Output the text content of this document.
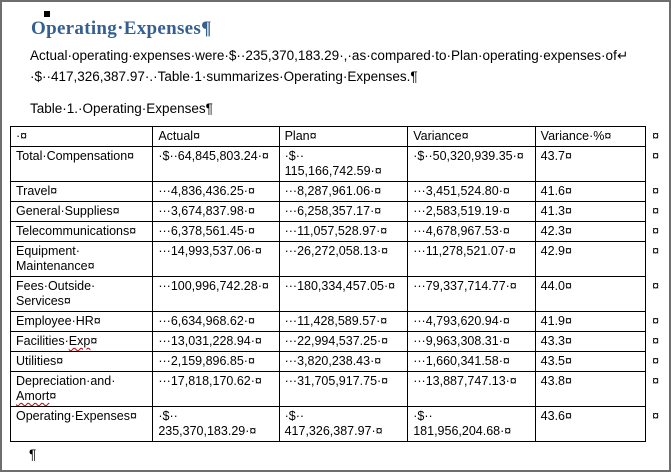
Operating·Expenses¶

Actual·operating·expenses·were·$··235,370,183.29·,·as·compared·to·Plan·operating·expenses·of↵
·$··417,326,387.97·.·Table·1·summarizes·Operating·Expenses.¶

Table·1.·Operating·Expenses¶

·¤	Actual¤	Plan¤	Variance¤	Variance·%¤	¤
Total·Compensation¤	·$··64,845,803.24·¤	·$··
115,166,742.59·¤	·$··50,320,939.35·¤	43.7¤	¤
Travel¤	···4,836,436.25·¤	···8,287,961.06·¤	···3,451,524.80·¤	41.6¤	¤
General·Supplies¤	···3,674,837.98·¤	···6,258,357.17·¤	···2,583,519.19·¤	41.3¤	¤
Telecommunications¤	···6,378,561.45·¤	···11,057,528.97·¤	···4,678,967.53·¤	42.3¤	¤
Equipment·
Maintenance¤	···14,993,537.06·¤	···26,272,058.13·¤	···11,278,521.07·¤	42.9¤	¤
Fees·Outside·
Services¤	···100,996,742.28·¤	···180,334,457.05·¤	···79,337,714.77·¤	44.0¤	¤
Employee·HR¤	···6,634,968.62·¤	···11,428,589.57·¤	···4,793,620.94·¤	41.9¤	¤
Facilities·Exp¤	···13,031,228.94·¤	···22,994,537.25·¤	···9,963,308.31·¤	43.3¤	¤
Utilities¤	···2,159,896.85·¤	···3,820,238.43·¤	···1,660,341.58·¤	43.5¤	¤
Depreciation·and·
Amort¤	···17,818,170.62·¤	···31,705,917.75·¤	···13,887,747.13·¤	43.8¤	¤
Operating·Expenses¤	·$··
235,370,183.29·¤	·$··
417,326,387.97·¤	·$··
181,956,204.68·¤	43.6¤	¤

¶
